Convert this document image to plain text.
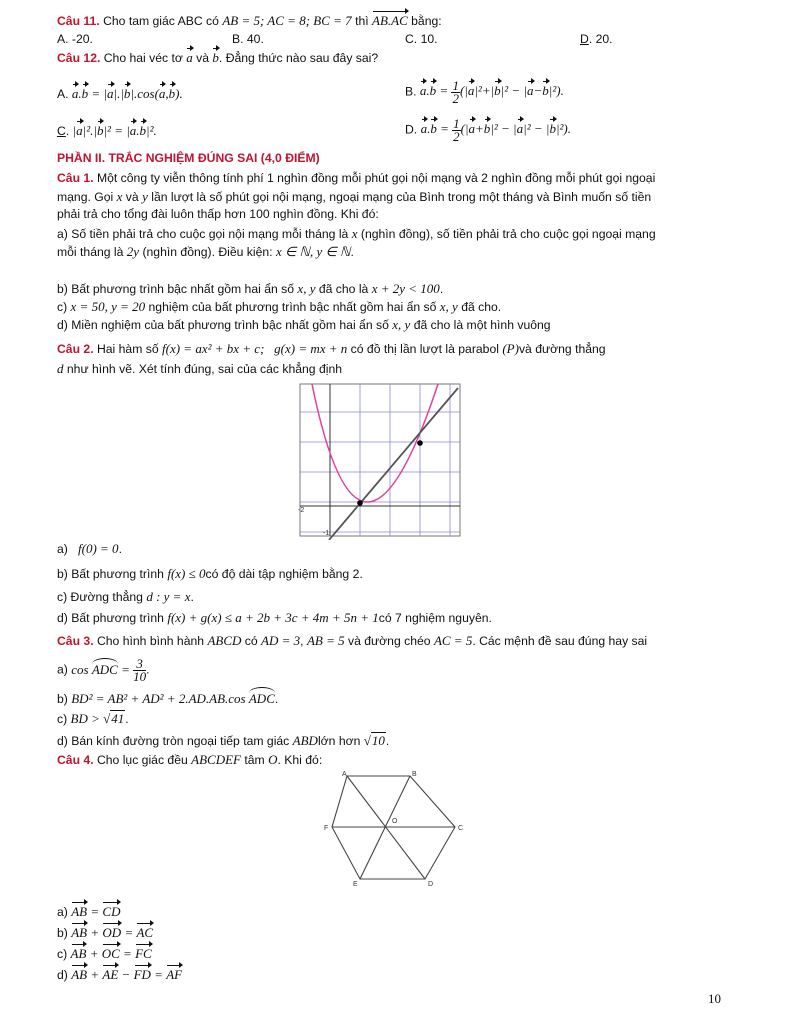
Câu 11. Cho tam giác ABC có AB = 5; AC = 8; BC = 7 thì AB.AC bằng:
A. -20.	B. 40.	C. 10.	D. 20.
Câu 12. Cho hai véc tơ a và b. Đẳng thức nào sau đây sai?
A. a.b = |a|.|b|.cos(a,b).	B. $a.b = \frac{1}{2} (|a|^2+|b|^2 - |a-b|^2)$.
C. |a|².|b|² = |a.b|².	D. $a.b = \frac{1}{2} (|a+b|^2 - |a|^2 - |b|^2)$.
PHẦN II. TRẮC NGHIỆM ĐÚNG SAI (4,0 ĐIỂM)
Câu 1. Một công ty viễn thông tính phí 1 nghìn đồng mỗi phút gọi nội mạng và 2 nghìn đồng mỗi phút gọi ngoại
mạng. Gọi x và y lần lượt là số phút gọi nội mạng, ngoại mạng của Bình trong một tháng và Bình muốn số tiền
phải trả cho tổng đài luôn thấp hơn 100 nghìn đồng. Khi đó:
a) Số tiền phải trả cho cuộc gọi nội mạng mỗi tháng là x (nghìn đồng), số tiền phải trả cho cuộc gọi ngoại mạng
mỗi tháng là 2y (nghìn đồng). Điều kiện: x ∈ ℕ, y ∈ ℕ.
b) Bất phương trình bậc nhất gồm hai ẩn số x, y đã cho là x + 2y < 100.
c) x = 50, y = 20 nghiệm của bất phương trình bậc nhất gồm hai ẩn số x, y đã cho.
d) Miền nghiệm của bất phương trình bậc nhất gồm hai ẩn số x, y đã cho là một hình vuông
Câu 2. Hai hàm số f(x) = ax² + bx + c;   g(x) = mx + n có đồ thị lần lượt là parabol (P)và đường thẳng
d như hình vẽ. Xét tính đúng, sai của các khẳng định
-2
-1
a) f(0) = 0.
b) Bất phương trình f(x) ≤ 0có độ dài tập nghiệm bằng 2.
c) Đường thẳng d : y = x.
d) Bất phương trình f(x) + g(x) ≤ a + 2b + 3c + 4m + 5n + 1có 7 nghiệm nguyên.
Câu 3. Cho hình bình hành ABCD có AD = 3, AB = 5 và đường chéo AC = 5. Các mệnh đề sau đúng hay sai
a) cos ADC = $\frac{3}{10}$ .
b) BD² = AB² + AD² + 2.AD.AB.cos ADC.
c) BD > √41.
d) Bán kính đường tròn ngoại tiếp tam giác ABDlớn hơn √10.
Câu 4. Cho lục giác đều ABCDEF tâm O. Khi đó:
A	B
C
D
E
F
O
a) AB = CD
b) AB + OD = AC
c) AB + OC = FC
d) AB + AE − FD = AF
10
